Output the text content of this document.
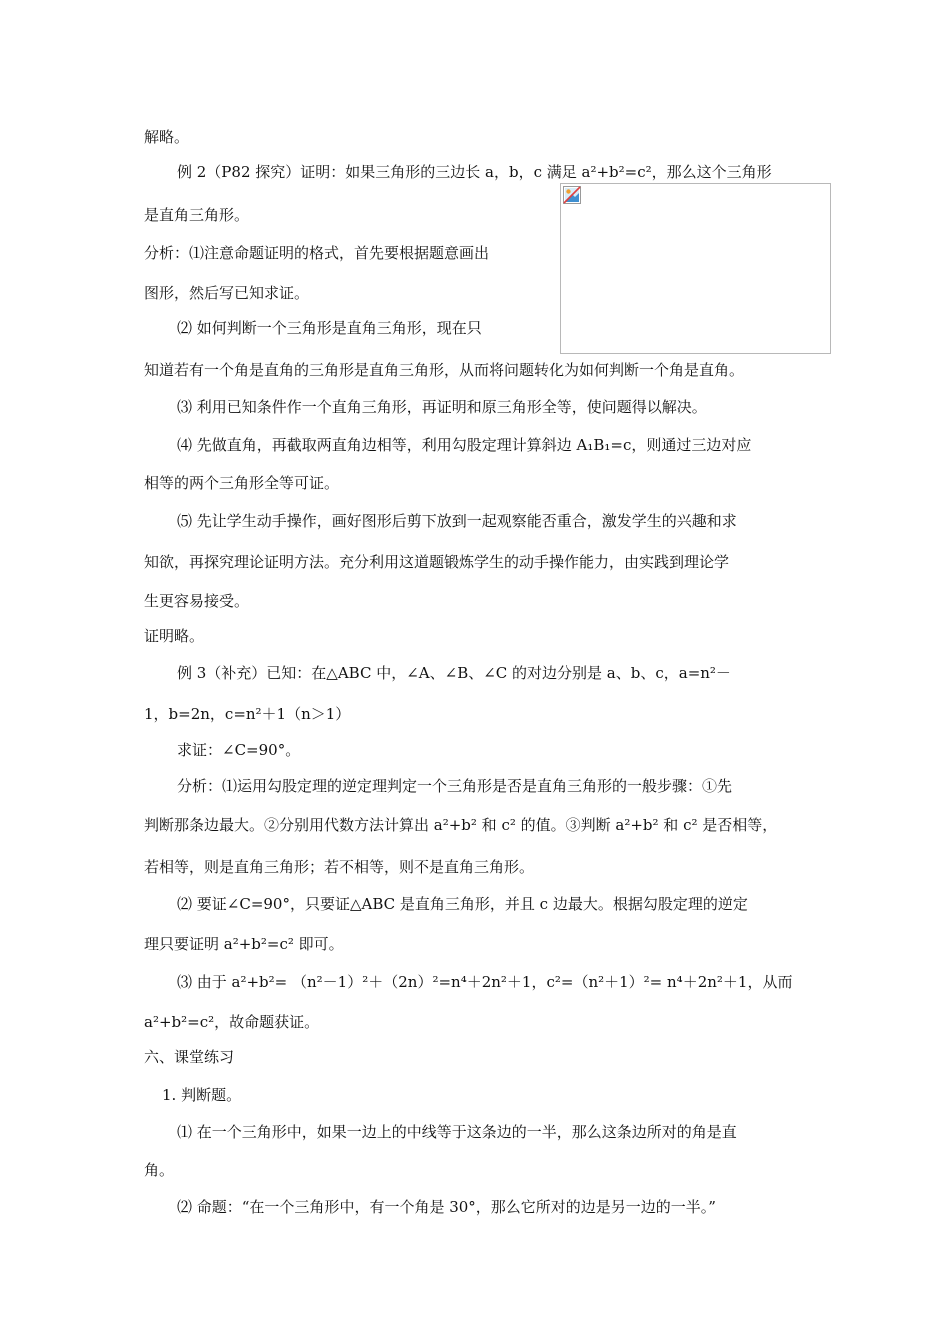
解略。
例 2（P82 探究）证明：如果三角形的三边长 a，b，c 满足 a²+b²=c²，那么这个三角形
是直角三角形。
分析：⑴注意命题证明的格式，首先要根据题意画出
图形，然后写已知求证。
⑵ 如何判断一个三角形是直角三角形，现在只
知道若有一个角是直角的三角形是直角三角形，从而将问题转化为如何判断一个角是直角。
⑶ 利用已知条件作一个直角三角形，再证明和原三角形全等，使问题得以解决。
⑷ 先做直角，再截取两直角边相等，利用勾股定理计算斜边 A₁B₁=c，则通过三边对应
相等的两个三角形全等可证。
⑸ 先让学生动手操作，画好图形后剪下放到一起观察能否重合，激发学生的兴趣和求
知欲，再探究理论证明方法。充分利用这道题锻炼学生的动手操作能力，由实践到理论学
生更容易接受。
证明略。
例 3（补充）已知：在△ABC 中，∠A、∠B、∠C 的对边分别是 a、b、c，a=n²－
1，b=2n，c=n²＋1（n＞1）
求证：∠C=90°。
分析：⑴运用勾股定理的逆定理判定一个三角形是否是直角三角形的一般步骤：①先
判断那条边最大。②分别用代数方法计算出 a²+b² 和 c² 的值。③判断 a²+b² 和 c² 是否相等，
若相等，则是直角三角形；若不相等，则不是直角三角形。
⑵ 要证∠C=90°，只要证△ABC 是直角三角形，并且 c 边最大。根据勾股定理的逆定
理只要证明 a²+b²=c² 即可。
⑶ 由于 a²+b²= （n²－1）²＋（2n）²=n⁴＋2n²＋1，c²=（n²＋1）²= n⁴＋2n²＋1，从而
a²+b²=c²，故命题获证。
六、课堂练习
1. 判断题。
⑴ 在一个三角形中，如果一边上的中线等于这条边的一半，那么这条边所对的角是直
角。
⑵ 命题：“在一个三角形中，有一个角是 30°，那么它所对的边是另一边的一半。”
